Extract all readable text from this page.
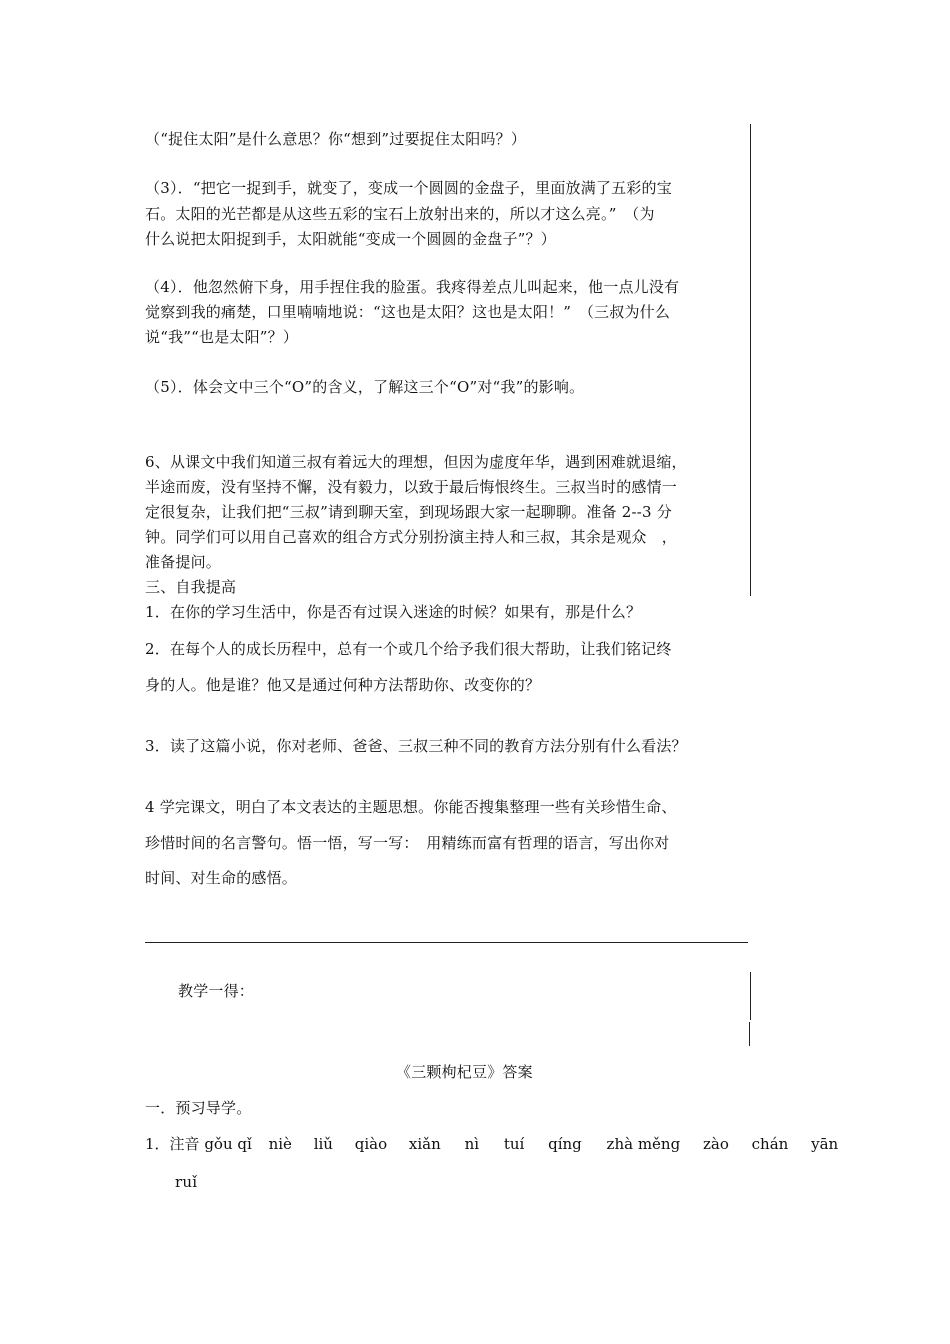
（“捉住太阳”是什么意思？你“想到”过要捉住太阳吗？）
（3）．“把它一捉到手，就变了，变成一个圆圆的金盘子，里面放满了五彩的宝
石。太阳的光芒都是从这些五彩的宝石上放射出来的，所以才这么亮。”　（为
什么说把太阳捉到手，太阳就能“变成一个圆圆的金盘子”？）
（4）．他忽然俯下身，用手捏住我的脸蛋。我疼得差点儿叫起来，他一点儿没有
觉察到我的痛楚，口里喃喃地说：“这也是太阳？这也是太阳！”　（三叔为什么
说“我”“也是太阳”？）
（5）．体会文中三个“O”的含义，了解这三个“O”对“我”的影响。
6、从课文中我们知道三叔有着远大的理想，但因为虚度年华，遇到困难就退缩，
半途而废，没有坚持不懈，没有毅力，以致于最后悔恨终生。三叔当时的感情一
定很复杂，让我们把“三叔”请到聊天室，到现场跟大家一起聊聊。准备 2--3 分
钟。同学们可以用自己喜欢的组合方式分别扮演主持人和三叔，其余是观众　，
准备提问。
三、自我提高
1．在你的学习生活中，你是否有过误入迷途的时候？如果有，那是什么？
2．在每个人的成长历程中，总有一个或几个给予我们很大帮助，让我们铭记终
身的人。他是谁？他又是通过何种方法帮助你、改变你的？
3．读了这篇小说，你对老师、爸爸、三叔三种不同的教育方法分别有什么看法？
4 学完课文，明白了本文表达的主题思想。你能否搜集整理一些有关珍惜生命、
珍惜时间的名言警句。悟一悟，写一写：　用精练而富有哲理的语言，写出你对
时间、对生命的感悟。
教学一得：
《三颗枸杞豆》答案
一．预习导学。
1．注音 gǒu qǐ niè liǔ qiào xiǎn nì tuí qíng zhà měng zào chán yān
ruǐ
